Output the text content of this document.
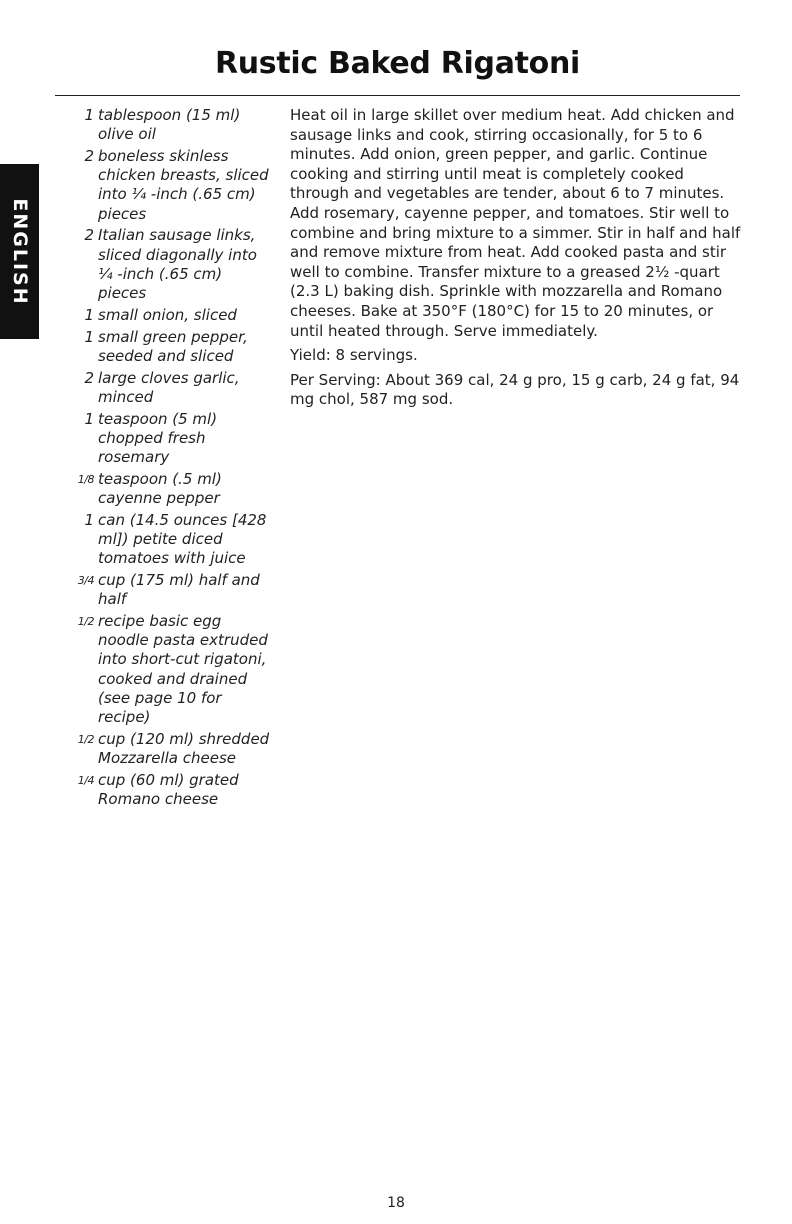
ENGLISH
Rustic Baked Rigatoni
1 tablespoon (15 ml) olive oil
2 boneless skinless chicken breasts, sliced into ¹⁄₄ -inch (.65 cm) pieces
2 Italian sausage links, sliced diagonally into ¹⁄₄ -inch (.65 cm) pieces
1 small onion, sliced
1 small green pepper, seeded and sliced
2 large cloves garlic, minced
1 teaspoon (5 ml) chopped fresh rosemary
1/8 teaspoon (.5 ml) cayenne pepper
1 can (14.5 ounces [428 ml]) petite diced tomatoes with juice
3/4 cup (175 ml) half and half
1/2 recipe basic egg noodle pasta extruded into short-cut rigatoni, cooked and drained (see page 10 for recipe)
1/2 cup (120 ml) shredded Mozzarella cheese
1/4 cup (60 ml) grated Romano cheese

Heat oil in large skillet over medium heat. Add chicken and sausage links and cook, stirring occasionally, for 5 to 6 minutes. Add onion, green pepper, and garlic. Continue cooking and stirring until meat is completely cooked through and vegetables are tender, about 6 to 7 minutes. Add rosemary, cayenne pepper, and tomatoes. Stir well to combine and bring mixture to a simmer. Stir in half and half and remove mixture from heat. Add cooked pasta and stir well to combine. Transfer mixture to a greased 2¹⁄₂ -quart (2.3 L) baking dish. Sprinkle with mozzarella and Romano cheeses. Bake at 350°F (180°C) for 15 to 20 minutes, or until heated through. Serve immediately.

Yield: 8 servings.

Per Serving: About 369 cal, 24 g pro, 15 g carb, 24 g fat, 94 mg chol, 587 mg sod.

18
